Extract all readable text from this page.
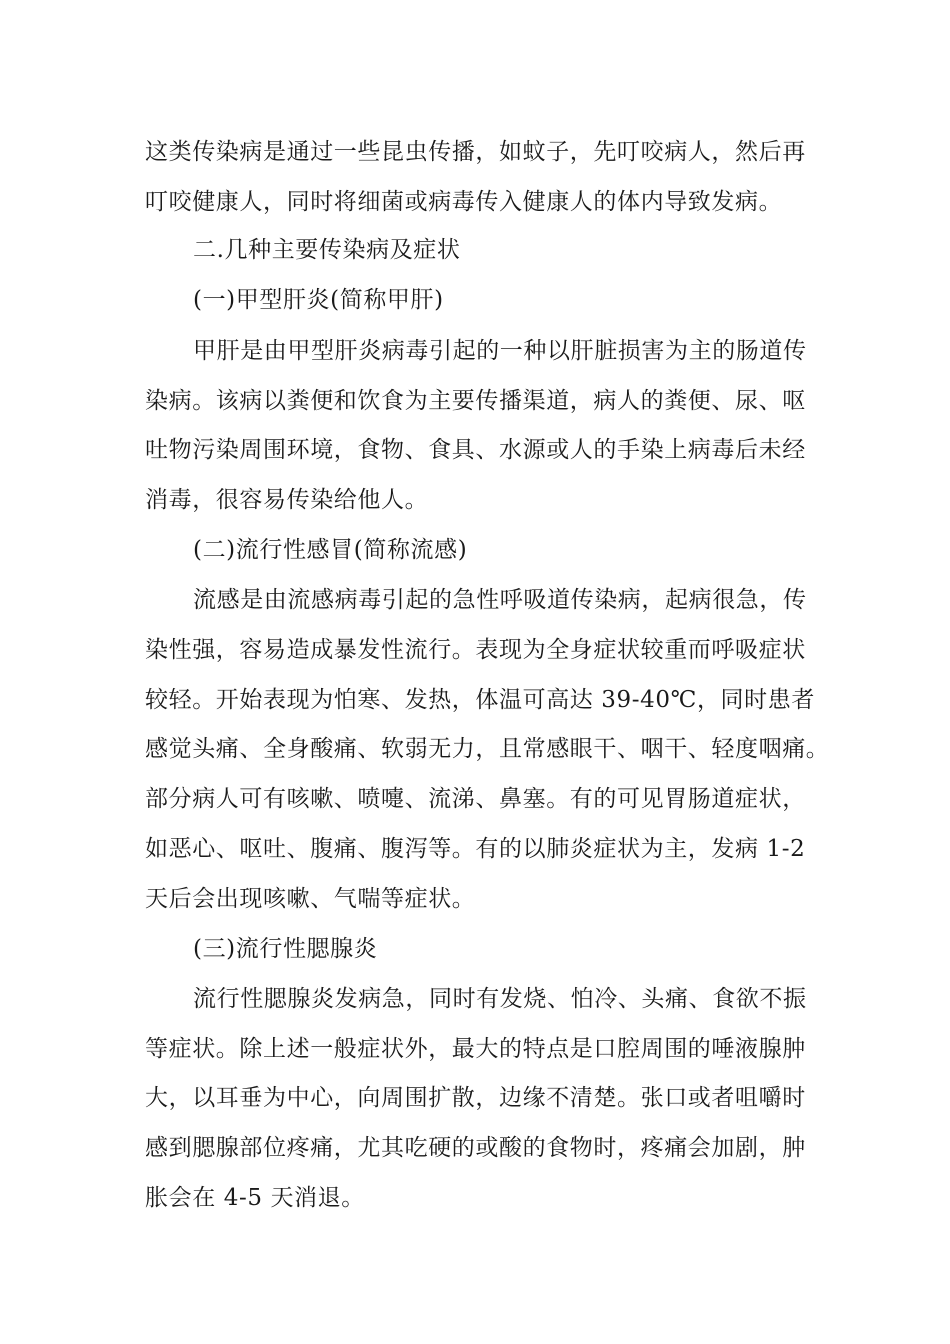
这类传染病是通过一些昆虫传播，如蚊子，先叮咬病人，然后再
叮咬健康人，同时将细菌或病毒传入健康人的体内导致发病。
二.几种主要传染病及症状
(一)甲型肝炎(简称甲肝)
甲肝是由甲型肝炎病毒引起的一种以肝脏损害为主的肠道传
染病。该病以粪便和饮食为主要传播渠道，病人的粪便、尿、呕
吐物污染周围环境，食物、食具、水源或人的手染上病毒后未经
消毒，很容易传染给他人。
(二)流行性感冒(简称流感)
流感是由流感病毒引起的急性呼吸道传染病，起病很急，传
染性强，容易造成暴发性流行。表现为全身症状较重而呼吸症状
较轻。开始表现为怕寒、发热，体温可高达 39-40℃，同时患者
感觉头痛、全身酸痛、软弱无力，且常感眼干、咽干、轻度咽痛。
部分病人可有咳嗽、喷嚏、流涕、鼻塞。有的可见胃肠道症状，
如恶心、呕吐、腹痛、腹泻等。有的以肺炎症状为主，发病 1-2
天后会出现咳嗽、气喘等症状。
(三)流行性腮腺炎
流行性腮腺炎发病急，同时有发烧、怕冷、头痛、食欲不振
等症状。除上述一般症状外，最大的特点是口腔周围的唾液腺肿
大，以耳垂为中心，向周围扩散，边缘不清楚。张口或者咀嚼时
感到腮腺部位疼痛，尤其吃硬的或酸的食物时，疼痛会加剧，肿
胀会在 4-5 天消退。
